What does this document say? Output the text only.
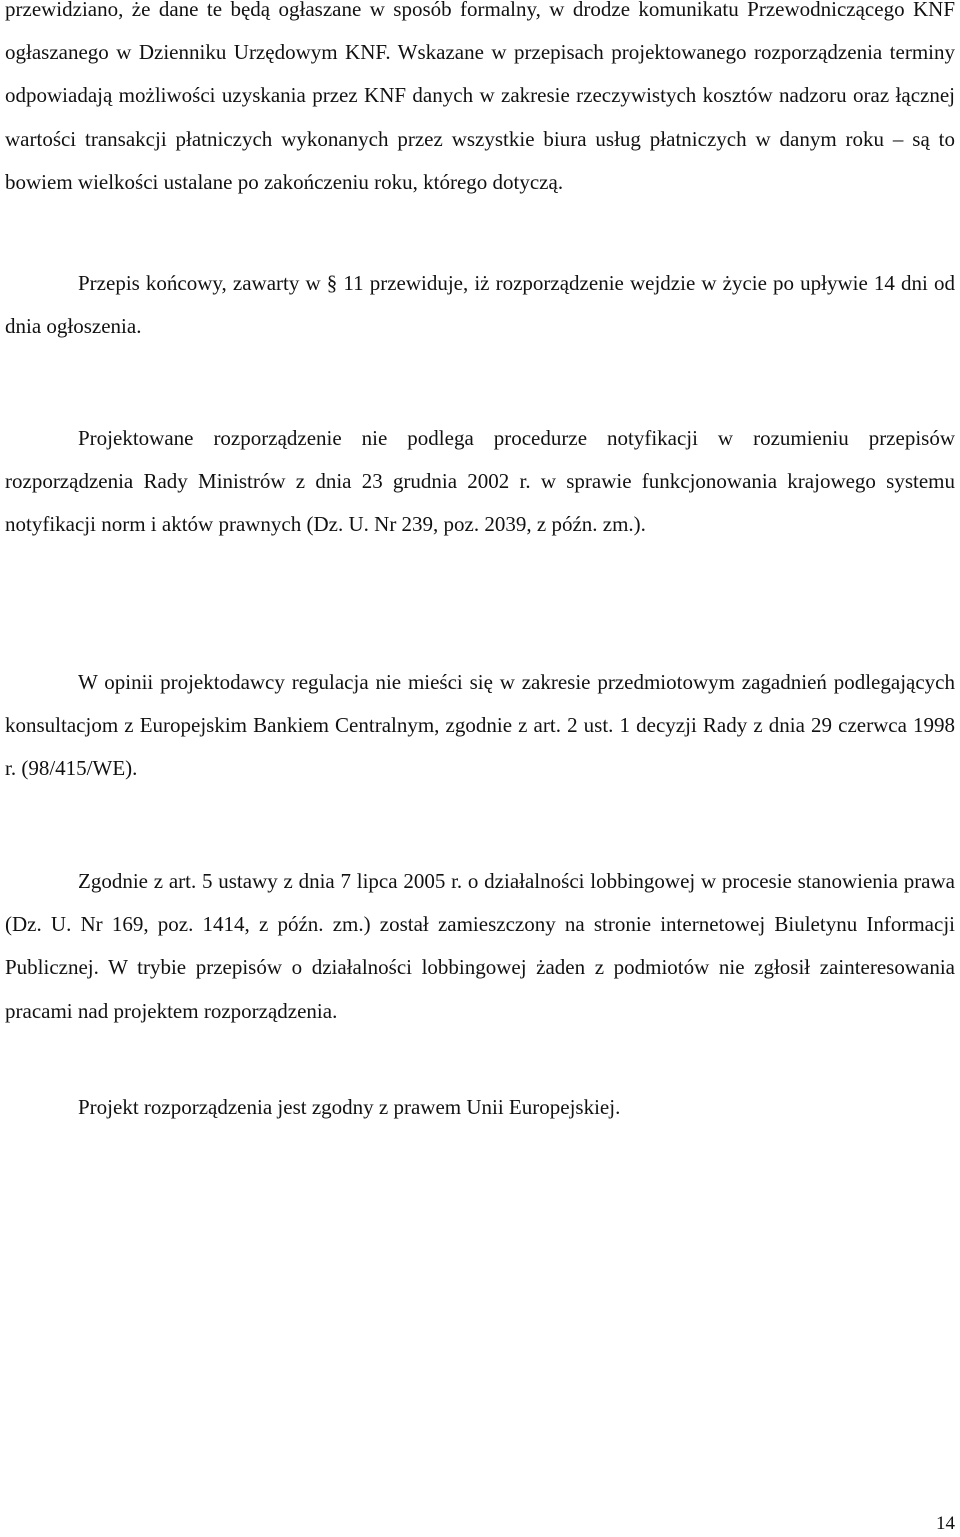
przewidziano, że dane te będą ogłaszane w sposób formalny, w drodze komunikatu Przewodniczącego KNF ogłaszanego w Dzienniku Urzędowym KNF. Wskazane w przepisach projektowanego rozporządzenia terminy odpowiadają możliwości uzyskania przez KNF danych w zakresie rzeczywistych kosztów nadzoru oraz łącznej wartości transakcji płatniczych wykonanych przez wszystkie biura usług płatniczych w danym roku – są to bowiem wielkości ustalane po zakończeniu roku, którego dotyczą.

Przepis końcowy, zawarty w § 11 przewiduje, iż rozporządzenie wejdzie w życie po upływie 14 dni od dnia ogłoszenia.

Projektowane rozporządzenie nie podlega procedurze notyfikacji w rozumieniu przepisów rozporządzenia Rady Ministrów z dnia 23 grudnia 2002 r. w sprawie funkcjonowania krajowego systemu notyfikacji norm i aktów prawnych (Dz. U. Nr 239, poz. 2039, z późn. zm.).

W opinii projektodawcy regulacja nie mieści się w zakresie przedmiotowym zagadnień podlegających konsultacjom z Europejskim Bankiem Centralnym, zgodnie z art. 2 ust. 1 decyzji Rady z dnia 29 czerwca 1998 r. (98/415/WE).

Zgodnie z art. 5 ustawy z dnia 7 lipca 2005 r. o działalności lobbingowej w procesie stanowienia prawa (Dz. U. Nr 169, poz. 1414, z późn. zm.) został zamieszczony na stronie internetowej Biuletynu Informacji Publicznej. W trybie przepisów o działalności lobbingowej żaden z podmiotów nie zgłosił zainteresowania pracami nad projektem rozporządzenia.

Projekt rozporządzenia jest zgodny z prawem Unii Europejskiej.

14
